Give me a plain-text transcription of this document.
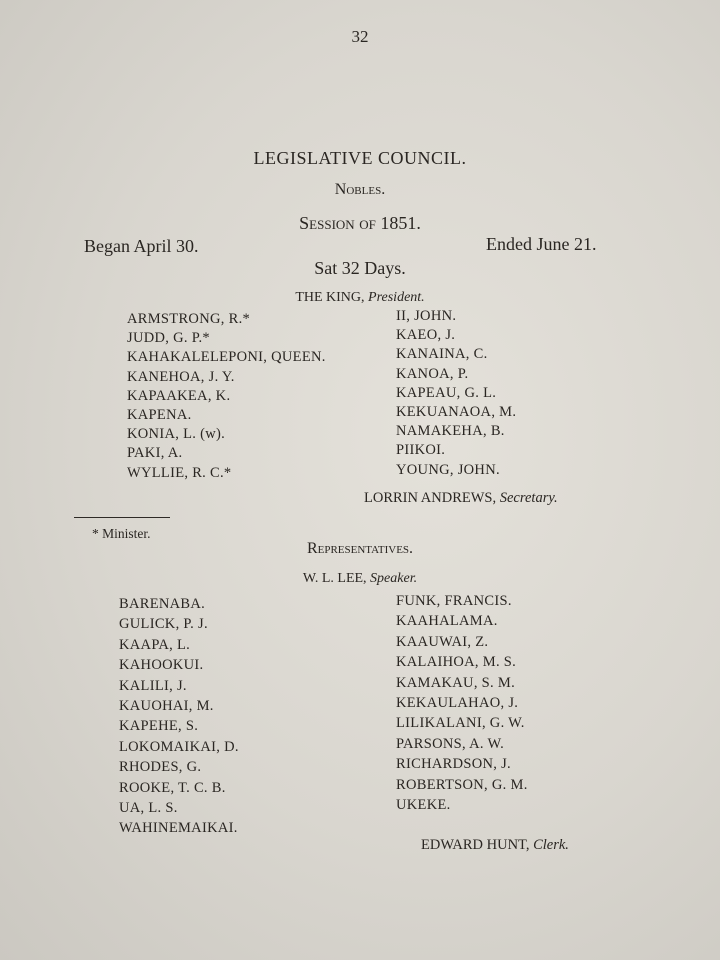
32
LEGISLATIVE COUNCIL.
Nobles.
Session of 1851.
Began April 30.	Ended June 21.
Sat 32 Days.
THE KING, President.
ARMSTRONG, R.*
JUDD, G. P.*
KAHAKALELEPONI, QUEEN.
KANEHOA, J. Y.
KAPAAKEA, K.
KAPENA.
KONIA, L. (w).
PAKI, A.
WYLLIE, R. C.*
II, JOHN.
KAEO, J.
KANAINA, C.
KANOA, P.
KAPEAU, G. L.
KEKUANAOA, M.
NAMAKEHA, B.
PIIKOI.
YOUNG, JOHN.
LORRIN ANDREWS, Secretary.
* Minister.
Representatives.
W. L. LEE, Speaker.
BARENABA.
GULICK, P. J.
KAAPA, L.
KAHOOKUI.
KALILI, J.
KAUOHAI, M.
KAPEHE, S.
LOKOMAIKAI, D.
RHODES, G.
ROOKE, T. C. B.
UA, L. S.
WAHINEMAIKAI.
FUNK, FRANCIS.
KAAHALAMA.
KAAUWAI, Z.
KALAIHOA, M. S.
KAMAKAU, S. M.
KEKAULAHAO, J.
LILIKALANI, G. W.
PARSONS, A. W.
RICHARDSON, J.
ROBERTSON, G. M.
UKEKE.
EDWARD HUNT, Clerk.
